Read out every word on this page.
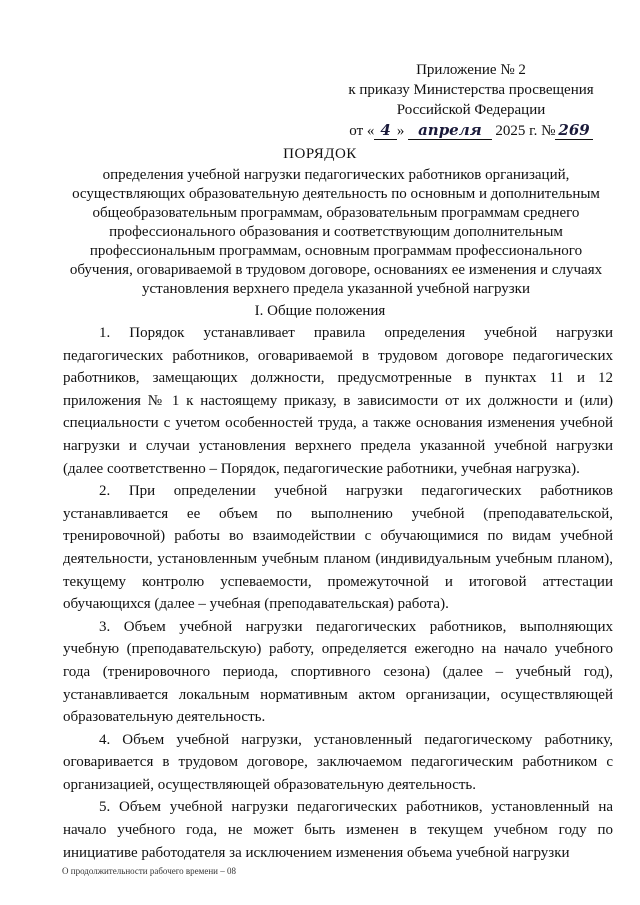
Приложение № 2
к приказу Министерства просвещения
Российской Федерации
от « 4 » апреля 2025 г. № 269
ПОРЯДОК
определения учебной нагрузки педагогических работников организаций,
осуществляющих образовательную деятельность по основным и дополнительным
общеобразовательным программам, образовательным программам среднего
профессионального образования и соответствующим дополнительным
профессиональным программам, основным программам профессионального
обучения, оговариваемой в трудовом договоре, основаниях ее изменения и случаях
установления верхнего предела указанной учебной нагрузки
I. Общие положения

1. Порядок устанавливает правила определения учебной нагрузки педагогических работников, оговариваемой в трудовом договоре педагогических работников, замещающих должности, предусмотренные в пунктах 11 и 12 приложения № 1 к настоящему приказу, в зависимости от их должности и (или) специальности с учетом особенностей труда, а также основания изменения учебной нагрузки и случаи установления верхнего предела указанной учебной нагрузки (далее соответственно – Порядок, педагогические работники, учебная нагрузка).

2. При определении учебной нагрузки педагогических работников устанавливается ее объем по выполнению учебной (преподавательской, тренировочной) работы во взаимодействии с обучающимися по видам учебной деятельности, установленным учебным планом (индивидуальным учебным планом), текущему контролю успеваемости, промежуточной и итоговой аттестации обучающихся (далее – учебная (преподавательская) работа).

3. Объем учебной нагрузки педагогических работников, выполняющих учебную (преподавательскую) работу, определяется ежегодно на начало учебного года (тренировочного периода, спортивного сезона) (далее – учебный год), устанавливается локальным нормативным актом организации, осуществляющей образовательную деятельность.

4. Объем учебной нагрузки, установленный педагогическому работнику, оговаривается в трудовом договоре, заключаемом педагогическим работником с организацией, осуществляющей образовательную деятельность.

5. Объем учебной нагрузки педагогических работников, установленный на начало учебного года, не может быть изменен в текущем учебном году по инициативе работодателя за исключением изменения объема учебной нагрузки

О продолжительности рабочего времени – 08
